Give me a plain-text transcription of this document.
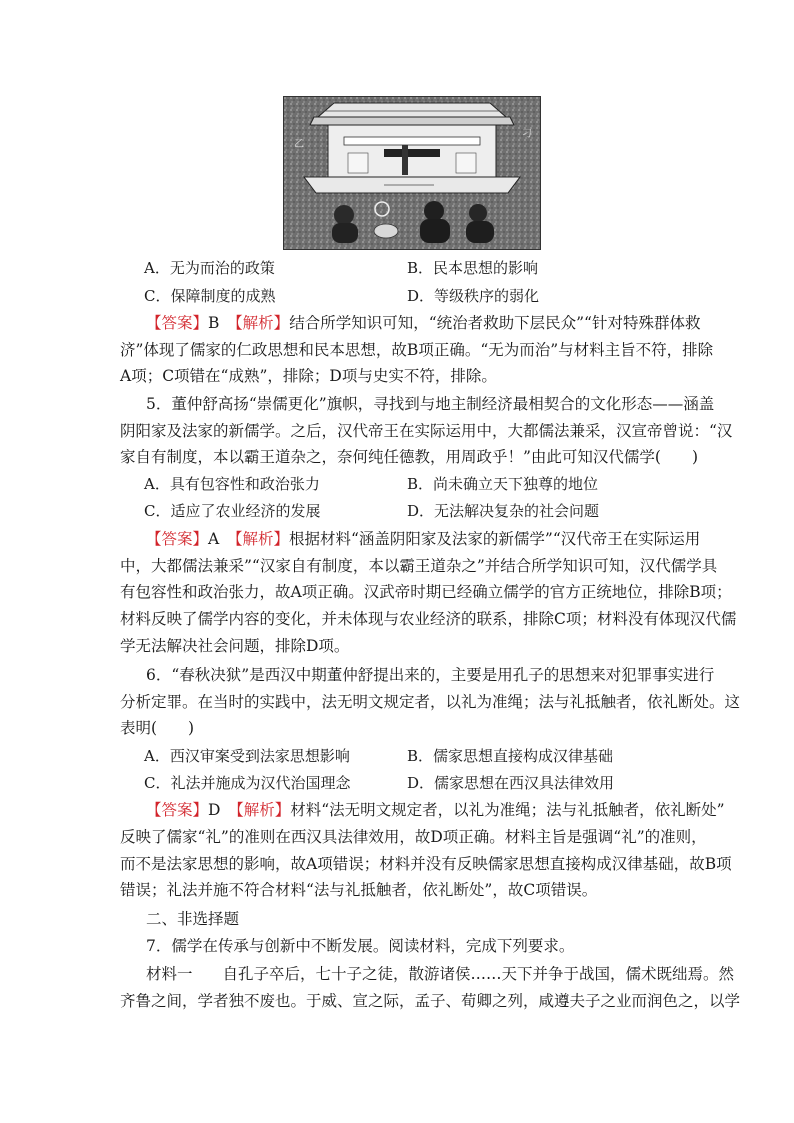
刁
乙
A．无为而治的政策	B．民本思想的影响
C．保障制度的成熟	D．等级秩序的弱化
【答案】B　 【解析】结合所学知识可知，“统治者救助下层民众”“针对特殊群体救
济”体现了儒家的仁政思想和民本思想，故B项正确。“无为而治”与材料主旨不符，排除
A项；C项错在“成熟”，排除；D项与史实不符，排除。
5．董仲舒高扬“崇儒更化”旗帜，寻找到与地主制经济最相契合的文化形态——涵盖
阴阳家及法家的新儒学。之后，汉代帝王在实际运用中，大都儒法兼采，汉宣帝曾说：“汉
家自有制度，本以霸王道杂之，奈何纯任德教，用周政乎！”由此可知汉代儒学(　　)
A．具有包容性和政治张力	B．尚未确立天下独尊的地位
C．适应了农业经济的发展	D．无法解决复杂的社会问题
【答案】A　 【解析】根据材料“涵盖阴阳家及法家的新儒学”“汉代帝王在实际运用
中，大都儒法兼采”“汉家自有制度，本以霸王道杂之”并结合所学知识可知，汉代儒学具
有包容性和政治张力，故A项正确。汉武帝时期已经确立儒学的官方正统地位，排除B项；
材料反映了儒学内容的变化，并未体现与农业经济的联系，排除C项；材料没有体现汉代儒
学无法解决社会问题，排除D项。
6．“春秋决狱”是西汉中期董仲舒提出来的，主要是用孔子的思想来对犯罪事实进行
分析定罪。在当时的实践中，法无明文规定者，以礼为准绳；法与礼抵触者，依礼断处。这
表明(　　)
A．西汉审案受到法家思想影响	B．儒家思想直接构成汉律基础
C．礼法并施成为汉代治国理念	D．儒家思想在西汉具法律效用
【答案】D　 【解析】材料“法无明文规定者，以礼为准绳；法与礼抵触者，依礼断处”
反映了儒家“礼”的准则在西汉具法律效用，故D项正确。材料主旨是强调“礼”的准则，
而不是法家思想的影响，故A项错误；材料并没有反映儒家思想直接构成汉律基础，故B项
错误；礼法并施不符合材料“法与礼抵触者，依礼断处”，故C项错误。
二、非选择题
7．儒学在传承与创新中不断发展。阅读材料，完成下列要求。
材料一 自孔子卒后，七十子之徒，散游诸侯……天下并争于战国，儒术既绌焉。然
齐鲁之间，学者独不废也。于威、宣之际，孟子、荀卿之列，咸遵夫子之业而润色之，以学
